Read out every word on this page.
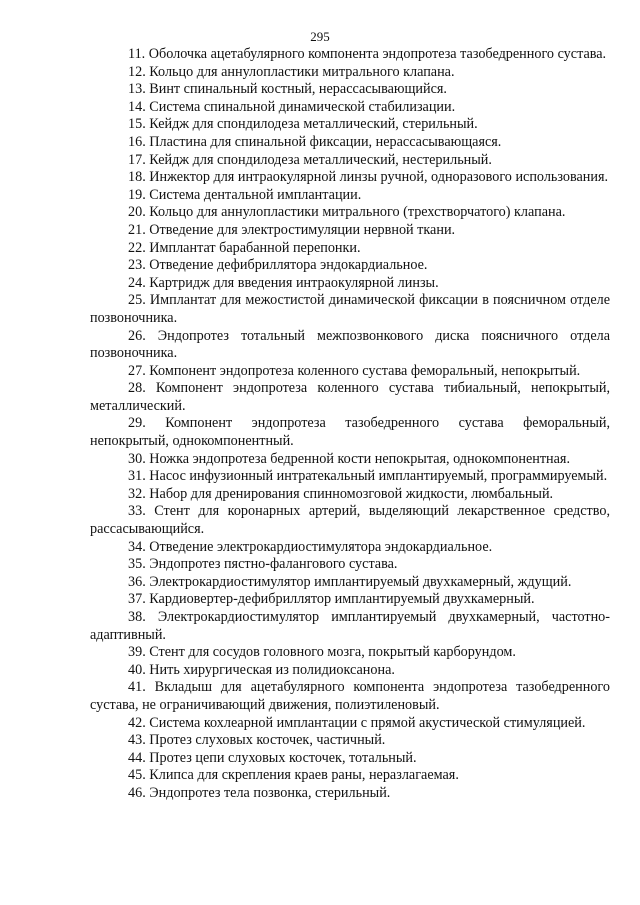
295

11. Оболочка ацетабулярного компонента эндопротеза тазобедренного сустава.

12. Кольцо для аннулопластики митрального клапана.

13. Винт спинальный костный, нерассасывающийся.

14. Система спинальной динамической стабилизации.

15. Кейдж для спондилодеза металлический, стерильный.

16. Пластина для спинальной фиксации, нерассасывающаяся.

17. Кейдж для спондилодеза металлический, нестерильный.

18. Инжектор для интраокулярной линзы ручной, одноразового использования.

19. Система дентальной имплантации.

20. Кольцо для аннулопластики митрального (трехстворчатого) клапана.

21. Отведение для электростимуляции нервной ткани.

22. Имплантат барабанной перепонки.

23. Отведение дефибриллятора эндокардиальное.

24. Картридж для введения интраокулярной линзы.

25. Имплантат для межостистой динамической фиксации в поясничном отделе позвоночника.

26. Эндопротез тотальный межпозвонкового диска поясничного отдела позвоночника.

27. Компонент эндопротеза коленного сустава феморальный, непокрытый.

28. Компонент эндопротеза коленного сустава тибиальный, непокрытый, металлический.

29. Компонент эндопротеза тазобедренного сустава феморальный, непокрытый, однокомпонентный.

30. Ножка эндопротеза бедренной кости непокрытая, однокомпонентная.

31. Насос инфузионный интратекальный имплантируемый, программируемый.

32. Набор для дренирования спинномозговой жидкости, люмбальный.

33. Стент для коронарных артерий, выделяющий лекарственное средство, рассасывающийся.

34. Отведение электрокардиостимулятора эндокардиальное.

35. Эндопротез пястно-фалангового сустава.

36. Электрокардиостимулятор имплантируемый двухкамерный, ждущий.

37. Кардиовертер-дефибриллятор имплантируемый двухкамерный.

38. Электрокардиостимулятор имплантируемый двухкамерный, частотно-адаптивный.

39. Стент для сосудов головного мозга, покрытый карборундом.

40. Нить хирургическая из полидиоксанона.

41. Вкладыш для ацетабулярного компонента эндопротеза тазобедренного сустава, не ограничивающий движения, полиэтиленовый.

42. Система кохлеарной имплантации с прямой акустической стимуляцией.

43. Протез слуховых косточек, частичный.

44. Протез цепи слуховых косточек, тотальный.

45. Клипса для скрепления краев раны, неразлагаемая.

46. Эндопротез тела позвонка, стерильный.
